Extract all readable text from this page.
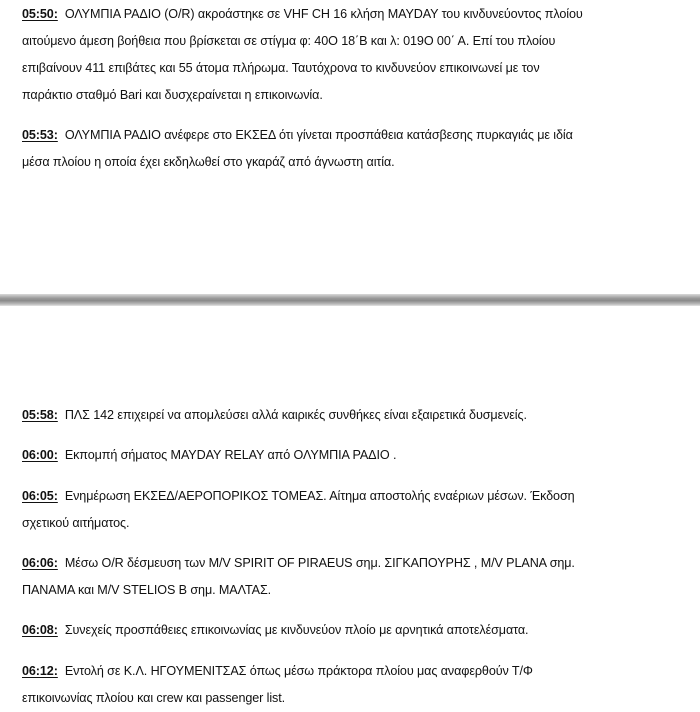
05:50: ΟΛΥΜΠΙΑ ΡΑΔΙΟ (O/R) ακροάστηκε σε VHF CH 16 κλήση MAYDAY του κινδυνεύοντος πλοίου
αιτούμενο άμεση βοήθεια που βρίσκεται σε στίγμα φ: 40Ο 18΄Β και λ: 019Ο 00΄ Α. Επί του πλοίου
επιβαίνουν 411 επιβάτες και 55 άτομα πλήρωμα. Ταυτόχρονα το κινδυνεύον επικοινωνεί με τον
παράκτιο σταθμό Bari και δυσχεραίνεται η επικοινωνία.
05:53: ΟΛΥΜΠΙΑ ΡΑΔΙΟ ανέφερε στο ΕΚΣΕΔ ότι γίνεται προσπάθεια κατάσβεσης πυρκαγιάς με ιδία
μέσα πλοίου η οποία έχει εκδηλωθεί στο γκαράζ από άγνωστη αιτία.
05:58: ΠΛΣ 142 επιχειρεί να απομλεύσει αλλά καιρικές συνθήκες είναι εξαιρετικά δυσμενείς.
06:00: Εκπομπή σήματος MAYDAY RELAY από ΟΛΥΜΠΙΑ ΡΑΔΙΟ .
06:05: Ενημέρωση ΕΚΣΕΔ/ΑΕΡΟΠΟΡΙΚΟΣ ΤΟΜΕΑΣ. Αίτημα αποστολής εναέριων μέσων. Έκδοση
σχετικού αιτήματος.
06:06: Μέσω O/R δέσμευση των M/V SPIRIT OF PIRAEUS σημ. ΣΙΓΚΑΠΟΥΡΗΣ , M/V PLANA σημ.
ΠΑΝΑΜΑ και M/V STELIOS B σημ. ΜΑΛΤΑΣ.
06:08: Συνεχείς προσπάθειες επικοινωνίας με κινδυνεύον πλοίο με αρνητικά αποτελέσματα.
06:12: Εντολή σε Κ.Λ. ΗΓΟΥΜΕΝΙΤΣΑΣ όπως μέσω πράκτορα πλοίου μας αναφερθούν Τ/Φ
επικοινωνίας πλοίου και crew και passenger list.
